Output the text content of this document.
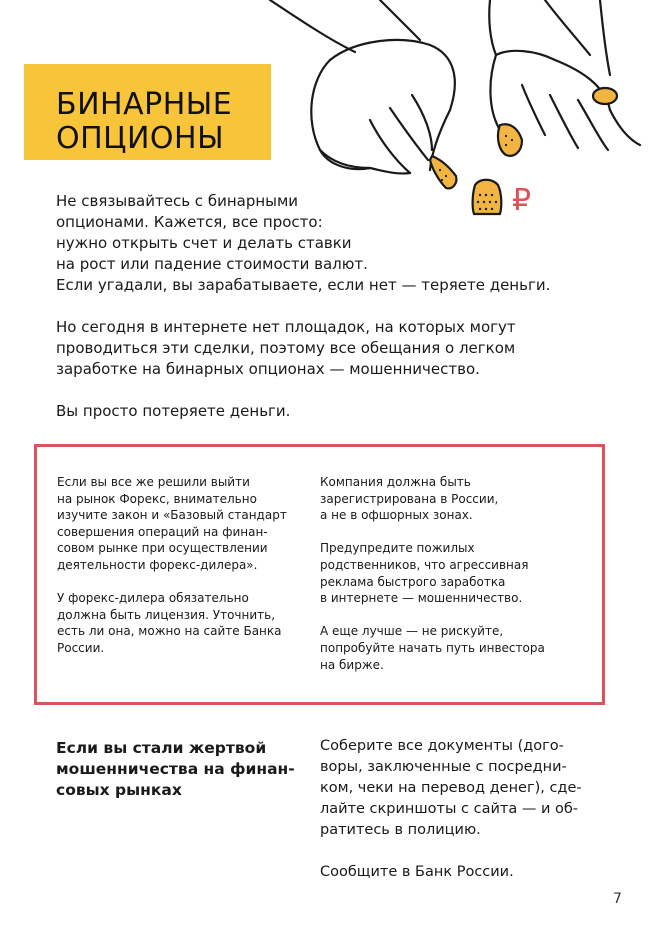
₽
БИНАРНЫЕ
ОПЦИОНЫ

Не связывайтесь с бинарными
опционами. Кажется, все просто:
нужно открыть счет и делать ставки
на рост или падение стоимости валют.
Если угадали, вы зарабатываете, если нет — теряете деньги.

Но сегодня в интернете нет площадок, на которых могут
проводиться эти сделки, поэтому все обещания о легком
заработке на бинарных опционах — мошенничество.

Вы просто потеряете деньги.

Если вы все же решили выйти
на рынок Форекс, внимательно
изучите закон и «Базовый стандарт
совершения операций на финан-
совом рынке при осуществлении
деятельности форекс-дилера».

У форекс-дилера обязательно
должна быть лицензия. Уточнить,
есть ли она, можно на сайте Банка
России.

Компания должна быть
зарегистрирована в России,
а не в офшорных зонах.

Предупредите пожилых
родственников, что агрессивная
реклама быстрого заработка
в интернете — мошенничество.

А еще лучше — не рискуйте,
попробуйте начать путь инвестора
на бирже.

Если вы стали жертвой
мошенничества на финан-
совых рынках

Соберите все документы (дого-
воры, заключенные с посредни-
ком, чеки на перевод денег), сде-
лайте скриншоты с сайта — и об-
ратитесь в полицию.

Сообщите в Банк России.

7
